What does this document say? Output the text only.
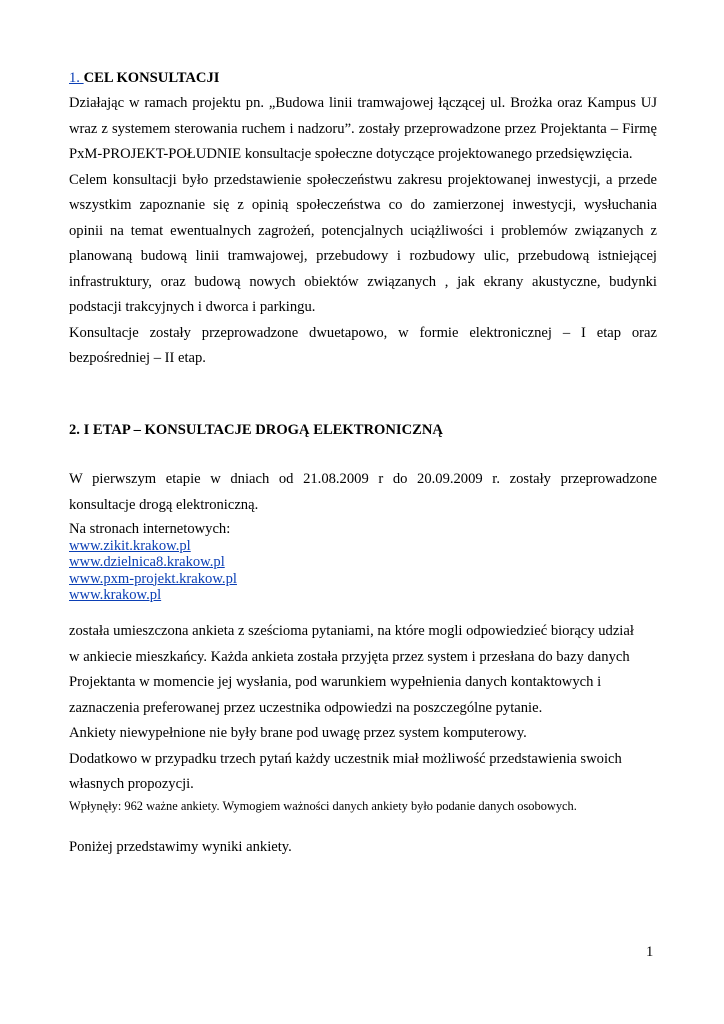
1. CEL KONSULTACJI
Działając w ramach projektu pn. „Budowa linii tramwajowej łączącej ul. Brożka oraz Kampus UJ
wraz z systemem sterowania ruchem i nadzoru”. zostały przeprowadzone przez Projektanta – Firmę
PxM-PROJEKT-POŁUDNIE konsultacje społeczne dotyczące projektowanego przedsięwzięcia.
Celem konsultacji było przedstawienie społeczeństwu zakresu projektowanej inwestycji, a przede
wszystkim zapoznanie się z opinią społeczeństwa co do zamierzonej inwestycji, wysłuchania
opinii na temat ewentualnych zagrożeń, potencjalnych uciążliwości i problemów związanych z
planowaną budową linii tramwajowej, przebudowy i rozbudowy ulic, przebudową istniejącej
infrastruktury, oraz budową nowych obiektów związanych , jak ekrany akustyczne, budynki
podstacji trakcyjnych i dworca i parkingu.
Konsultacje zostały przeprowadzone dwuetapowo, w formie elektronicznej – I etap oraz
bezpośredniej – II etap.
2. I ETAP – KONSULTACJE DROGĄ ELEKTRONICZNĄ
W pierwszym etapie w dniach od 21.08.2009 r do 20.09.2009 r. zostały przeprowadzone
konsultacje drogą elektroniczną.
Na stronach internetowych:
www.zikit.krakow.pl
www.dzielnica8.krakow.pl
www.pxm-projekt.krakow.pl
www.krakow.pl
została umieszczona ankieta z sześcioma pytaniami, na które mogli odpowiedzieć biorący udział
w ankiecie mieszkańcy. Każda ankieta została przyjęta przez system i przesłana do bazy danych
Projektanta w momencie jej wysłania, pod warunkiem wypełnienia danych kontaktowych i
zaznaczenia preferowanej przez uczestnika odpowiedzi na poszczególne pytanie.
Ankiety niewypełnione nie były brane pod uwagę przez system komputerowy.
Dodatkowo w przypadku trzech pytań każdy uczestnik miał możliwość przedstawienia swoich
własnych propozycji.
Wpłynęły: 962 ważne ankiety. Wymogiem ważności danych ankiety było podanie danych osobowych.
Poniżej przedstawimy wyniki ankiety.
1
